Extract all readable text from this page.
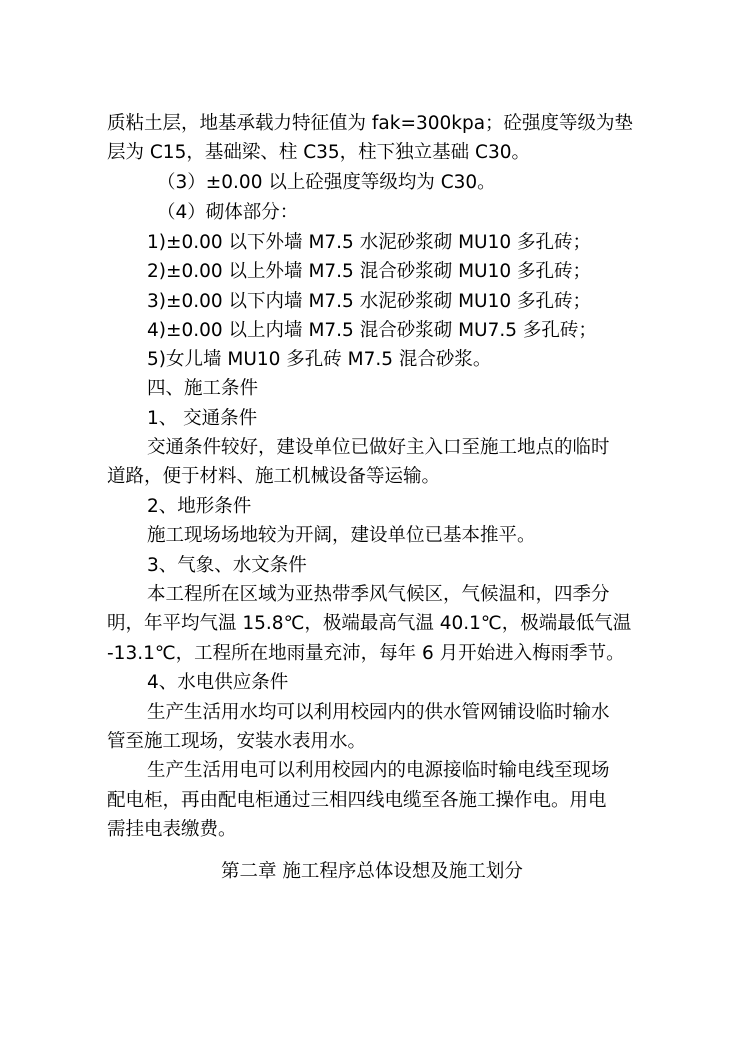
质粘土层，地基承载力特征值为 fak=300kpa；砼强度等级为垫
层为 C15，基础梁、柱 C35，柱下独立基础 C30。
（3）±0.00 以上砼强度等级均为 C30。
（4）砌体部分：
1)±0.00 以下外墙 M7.5 水泥砂浆砌 MU10 多孔砖；
2)±0.00 以上外墙 M7.5 混合砂浆砌 MU10 多孔砖；
3)±0.00 以下内墙 M7.5 水泥砂浆砌 MU10 多孔砖；
4)±0.00 以上内墙 M7.5 混合砂浆砌 MU7.5 多孔砖；
5)女儿墙 MU10 多孔砖 M7.5 混合砂浆。
四、施工条件
1、 交通条件
交通条件较好，建设单位已做好主入口至施工地点的临时
道路，便于材料、施工机械设备等运输。
2、地形条件
施工现场场地较为开阔，建设单位已基本推平。
3、气象、水文条件
本工程所在区域为亚热带季风气候区，气候温和，四季分
明，年平均气温 15.8℃，极端最高气温 40.1℃，极端最低气温
-13.1℃，工程所在地雨量充沛，每年 6 月开始进入梅雨季节。
4、水电供应条件
生产生活用水均可以利用校园内的供水管网铺设临时输水
管至施工现场，安装水表用水。
生产生活用电可以利用校园内的电源接临时输电线至现场
配电柜，再由配电柜通过三相四线电缆至各施工操作电。用电
需挂电表缴费。
第二章 施工程序总体设想及施工划分
